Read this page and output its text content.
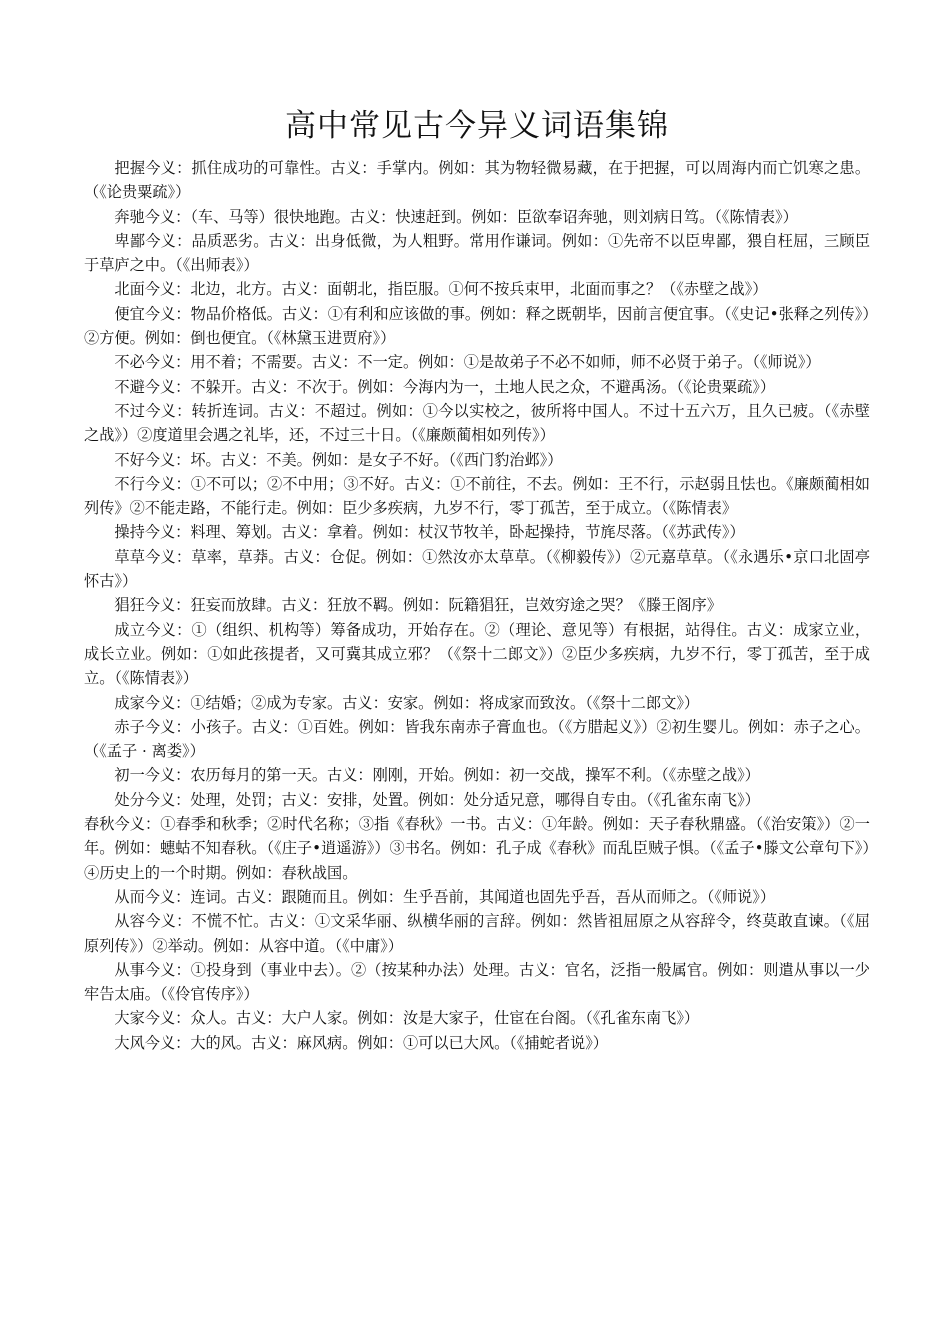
高中常见古今异义词语集锦

把握今义：抓住成功的可靠性。古义：手掌内。例如：其为物轻微易藏，在于把握，可以周海内而亡饥寒之患。（《论贵粟疏》）

奔驰今义：（车、马等）很快地跑。古义：快速赶到。例如：臣欲奉诏奔驰，则刘病日笃。（《陈情表》）

卑鄙今义：品质恶劣。古义：出身低微，为人粗野。常用作谦词。例如：①先帝不以臣卑鄙，猥自枉屈，三顾臣于草庐之中。（《出师表》）

北面今义：北边，北方。古义：面朝北，指臣服。①何不按兵束甲，北面而事之？（《赤壁之战》）

便宜今义：物品价格低。古义：①有利和应该做的事。例如：释之既朝毕，因前言便宜事。（《史记•张释之列传》）②方便。例如：倒也便宜。（《林黛玉进贾府》）

不必今义：用不着；不需要。古义：不一定。例如：①是故弟子不必不如师，师不必贤于弟子。（《师说》）

不避今义：不躲开。古义：不次于。例如：今海内为一，土地人民之众，不避禹汤。（《论贵粟疏》）

不过今义：转折连词。古义：不超过。例如：①今以实校之，彼所将中国人。不过十五六万，且久已疲。（《赤壁之战》）②度道里会遇之礼毕，还，不过三十日。（《廉颇蔺相如列传》）

不好今义：坏。古义：不美。例如：是女子不好。（《西门豹治邺》）

不行今义：①不可以；②不中用；③不好。古义：①不前往，不去。例如：王不行，示赵弱且怯也。《廉颇蔺相如列传》②不能走路，不能行走。例如：臣少多疾病，九岁不行，零丁孤苦，至于成立。（《陈情表》

操持今义：料理、筹划。古义：拿着。例如：杖汉节牧羊，卧起操持，节旄尽落。（《苏武传》）

草草今义：草率，草莽。古义：仓促。例如：①然汝亦太草草。（《柳毅传》）②元嘉草草。（《永遇乐•京口北固亭怀古》）

猖狂今义：狂妄而放肆。古义：狂放不羁。例如：阮籍猖狂，岂效穷途之哭？《滕王阁序》

成立今义：①（组织、机构等）筹备成功，开始存在。②（理论、意见等）有根据，站得住。古义：成家立业，成长立业。例如：①如此孩提者，又可冀其成立邪？（《祭十二郎文》）②臣少多疾病，九岁不行，零丁孤苦，至于成立。（《陈情表》）

成家今义：①结婚；②成为专家。古义：安家。例如：将成家而致汝。（《祭十二郎文》）

赤子今义：小孩子。古义：①百姓。例如：皆我东南赤子膏血也。（《方腊起义》）②初生婴儿。例如：赤子之心。（《孟子 · 离娄》）

初一今义：农历每月的第一天。古义：刚刚，开始。例如：初一交战，操军不利。（《赤壁之战》）

处分今义：处理，处罚；古义：安排，处置。例如：处分适兄意，哪得自专由。（《孔雀东南飞》）

春秋今义：①春季和秋季；②时代名称；③指《春秋》一书。古义：①年龄。例如：天子春秋鼎盛。（《治安策》）②一年。例如：蟪蛄不知春秋。（《庄子•逍遥游》）③书名。例如：孔子成《春秋》而乱臣贼子惧。（《孟子•滕文公章句下》）④历史上的一个时期。例如：春秋战国。

从而今义：连词。古义：跟随而且。例如：生乎吾前，其闻道也固先乎吾，吾从而师之。（《师说》）

从容今义：不慌不忙。古义：①文采华丽、纵横华丽的言辞。例如：然皆祖屈原之从容辞令，终莫敢直谏。（《屈原列传》）②举动。例如：从容中道。（《中庸》）

从事今义：①投身到（事业中去）。②（按某种办法）处理。古义：官名，泛指一般属官。例如：则遣从事以一少牢告太庙。（《伶官传序》）

大家今义：众人。古义：大户人家。例如：汝是大家子，仕宦在台阁。（《孔雀东南飞》）

大风今义：大的风。古义：麻风病。例如：①可以已大风。（《捕蛇者说》）
